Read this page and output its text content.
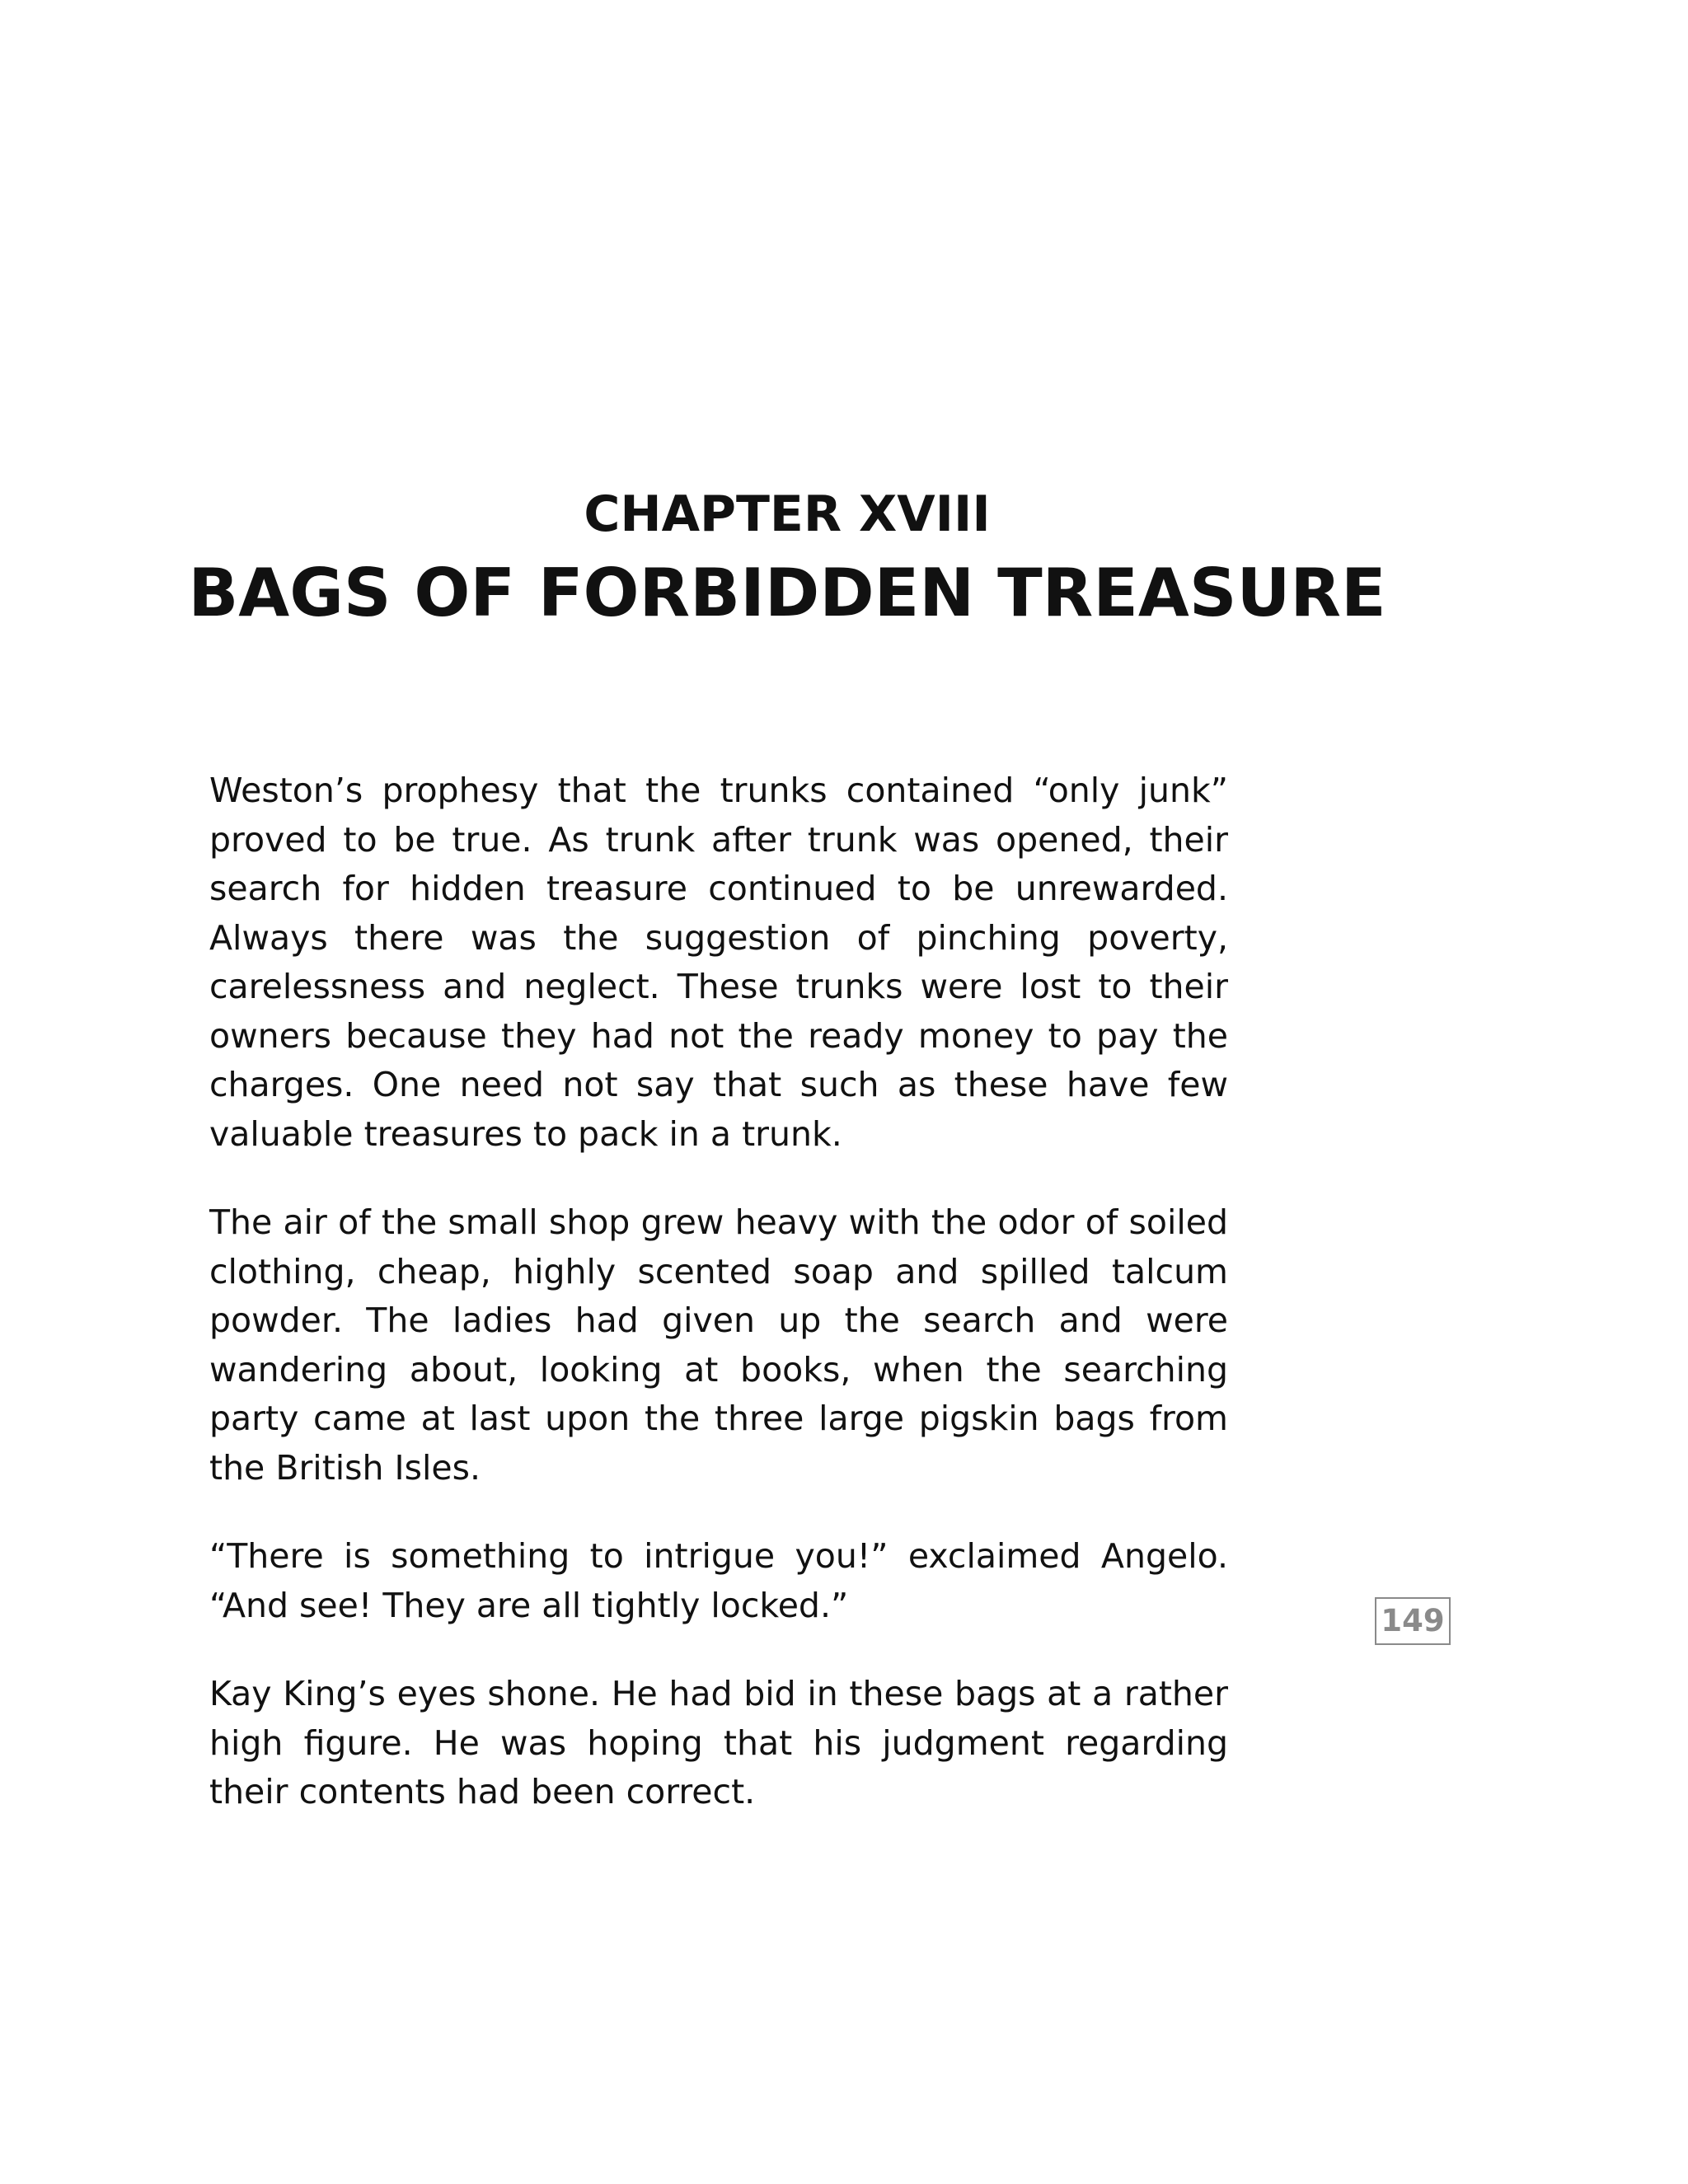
CHAPTER XVIII
BAGS OF FORBIDDEN TREASURE

Weston’s prophesy that the trunks contained “only junk” proved to be true. As trunk after trunk was opened, their search for hidden treasure continued to be unrewarded. Always there was the suggestion of pinching poverty, carelessness and neglect. These trunks were lost to their owners because they had not the ready money to pay the charges. One need not say that such as these have few valuable treasures to pack in a trunk.

The air of the small shop grew heavy with the odor of soiled clothing, cheap, highly scented soap and spilled talcum powder. The ladies had given up the search and were wandering about, looking at books, when the searching party came at last upon the three large pigskin bags from the British Isles.

“There is something to intrigue you!” exclaimed Angelo. “And see! They are all tightly locked.”

Kay King’s eyes shone. He had bid in these bags at a rather high figure. He was hoping that his judgment regarding their contents had been correct.

149
